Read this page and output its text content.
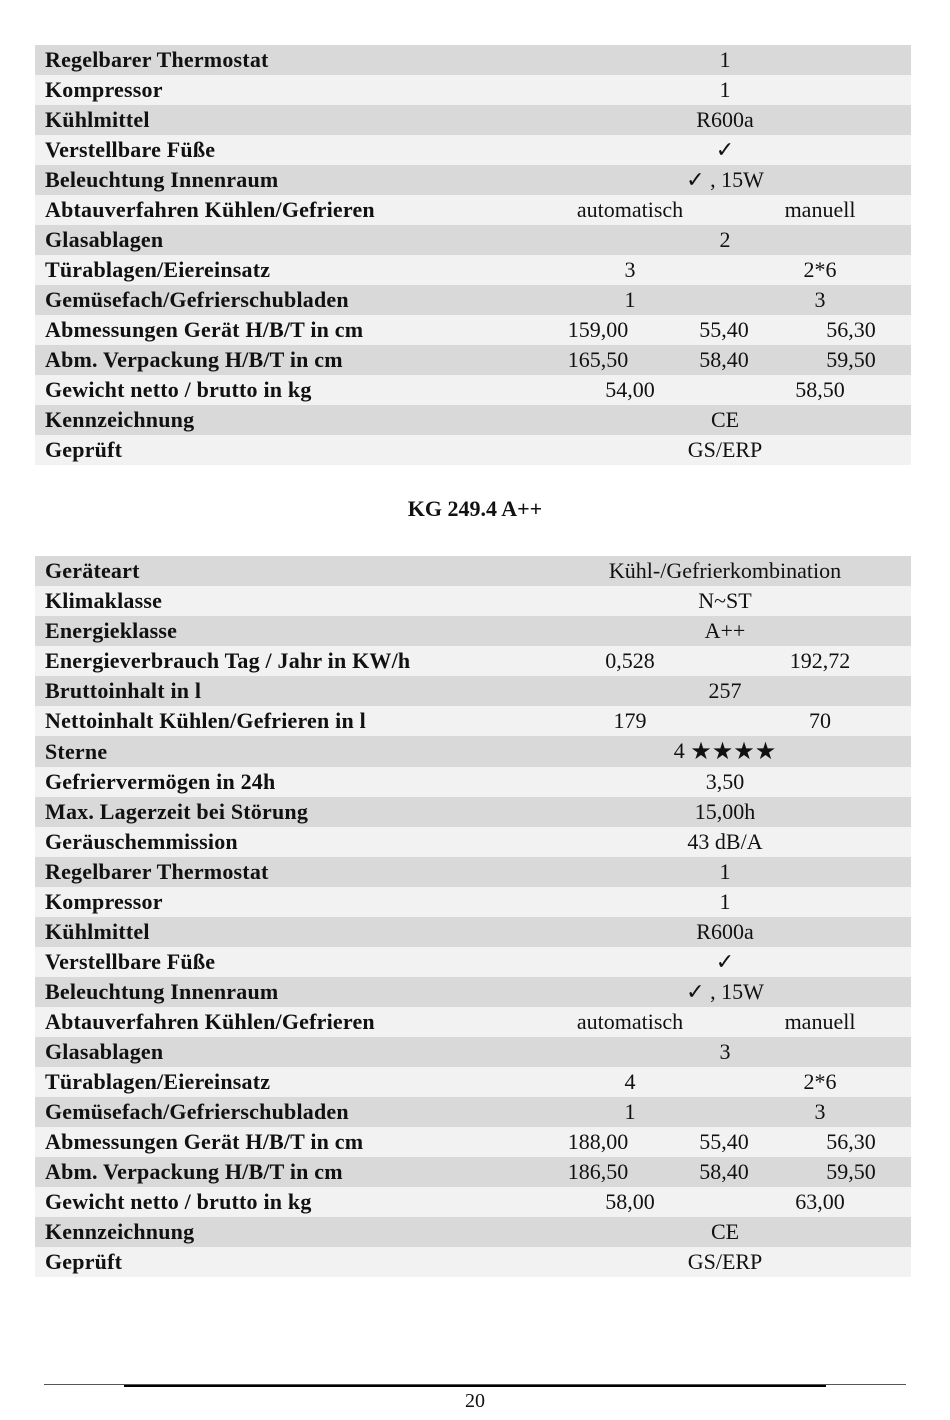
Regelbarer Thermostat	1

Kompressor	1

Kühlmittel	R600a

Verstellbare Füße	✓

Beleuchtung Innenraum	✓ , 15W

Abtauverfahren Kühlen/Gefrieren	automatisch manuell

Glasablagen	2

Türablagen/Eiereinsatz	3 2*6

Gemüsefach/Gefrierschubladen	1 3

Abmessungen Gerät H/B/T in cm	159,00 55,40 56,30

Abm. Verpackung H/B/T in cm	165,50 58,40 59,50

Gewicht netto / brutto in kg	54,00 58,50

Kennzeichnung	CE

Geprüft	GS/ERP
KG 249.4 A++
Geräteart	Kühl-/Gefrierkombination

Klimaklasse	N~ST

Energieklasse	A++

Energieverbrauch Tag / Jahr in KW/h	0,528 192,72

Bruttoinhalt in l	257

Nettoinhalt Kühlen/Gefrieren in l	179 70

Sterne	4 ★★★★

Gefriervermögen in 24h	3,50

Max. Lagerzeit bei Störung	15,00h

Geräuschemmission	43 dB/A

Regelbarer Thermostat	1

Kompressor	1

Kühlmittel	R600a

Verstellbare Füße	✓

Beleuchtung Innenraum	✓ , 15W

Abtauverfahren Kühlen/Gefrieren	automatisch manuell

Glasablagen	3

Türablagen/Eiereinsatz	4 2*6

Gemüsefach/Gefrierschubladen	1 3

Abmessungen Gerät H/B/T in cm	188,00 55,40 56,30

Abm. Verpackung H/B/T in cm	186,50 58,40 59,50

Gewicht netto / brutto in kg	58,00 63,00

Kennzeichnung	CE

Geprüft	GS/ERP
20
